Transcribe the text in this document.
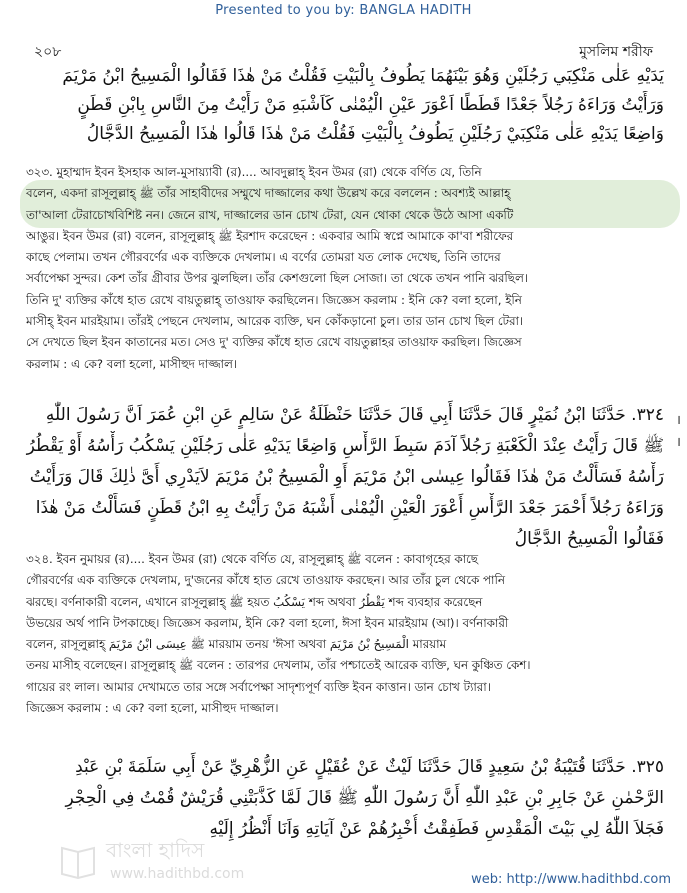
Presented to you by: BANGLA HADITH
২০৮	মুসলিম শরীফ
يَدَيْهِ عَلٰى مَنْكِبَي رَجُلَيْنِ وَهُوَ بَيْنَهُمَا يَطُوفُ بِالْبَيْتِ فَقُلْتُ مَنْ هٰذَا فَقَالُوا الْمَسِيحُ ابْنُ مَرْيَمَ
وَرَأَيْتُ وَرَاءَهُ رَجُلاً جَعْدًا قَطَطًا اَعْوَرَ عَيْنِ الْيُمْنٰى كَاَشْبَهِ مَنْ رَأَيْتُ مِنَ النَّاسِ بِابْنِ قَطَنٍ
وَاضِعًا يَدَيْهِ عَلٰى مَنْكِبَيْ رَجُلَيْنِ يَطُوفُ بِالْبَيْتِ فَقُلْتُ مَنْ هٰذَا قَالُوا هٰذَا الْمَسِيحُ الدَّجَّالُ
৩২৩. মুহাম্মাদ ইবন ইসহাক আল-মুসায়্যাবী (র).... আবদুল্লাহ্ ইবন উমর (রা) থেকে বর্ণিত যে, তিনি
বলেন, একদা রাসূলুল্লাহ্ ﷺ তাঁর সাহাবীদের সম্মুখে দাজ্জালের কথা উল্লেখ করে বললেন : অবশ্যই আল্লাহ্
তা'আলা টেরাচোখবিশিষ্ট নন। জেনে রাখ, দাজ্জালের ডান চোখ টেরা, যেন থোকা থেকে উঠে আসা একটি
আঙুর। ইবন উমর (রা) বলেন, রাসূলুল্লাহ্ ﷺ ইরশাদ করেছেন : একবার আমি স্বপ্নে আমাকে কা'বা শরীফের
কাছে পেলাম। তখন গৌরবর্ণের এক ব্যক্তিকে দেখলাম। এ বর্ণের তোমরা যত লোক দেখেছ, তিনি তাদের
সর্বাপেক্ষা সুন্দর। কেশ তাঁর গ্রীবার উপর ঝুলছিল। তাঁর কেশগুলো ছিল সোজা। তা থেকে তখন পানি ঝরছিল।
তিনি দু' ব্যক্তির কাঁধে হাত রেখে বায়তুল্লাহ্ তাওয়াফ করছিলেন। জিজ্ঞেস করলাম : ইনি কে? বলা হলো, ইনি
মাসীহ্ ইবন মারইয়াম। তাঁরই পেছনে দেখলাম, আরেক ব্যক্তি, ঘন কোঁকড়ানো চুল। তার ডান চোখ ছিল টেরা।
সে দেখতে ছিল ইবন কাতানের মত। সেও দু' ব্যক্তির কাঁধে হাত রেখে বায়তুল্লাহর তাওয়াফ করছিল। জিজ্ঞেস
করলাম : এ কে? বলা হলো, মাসীহুদ দাজ্জাল।
٣٢٤. حَدَّثَنَا ابْنُ نُمَيْرٍ قَالَ حَدَّثَنَا أَبِي قَالَ حَدَّثَنَا حَنْظَلَةُ عَنْ سَالِمٍ عَنِ ابْنِ عُمَرَ اَنَّ رَسُولَ اللّٰهِ
ﷺ قَالَ رَأَيْتُ عِنْدَ الْكَعْبَةِ رَجُلاً آدَمَ سَبِطَ الرَّأْسِ وَاضِعًا يَدَيْهِ عَلٰى رَجُلَيْنِ يَسْكُبُ رَأْسُهُ أَوْ يَقْطُرُ
رَأْسُهُ فَسَأَلْتُ مَنْ هٰذَا فَقَالُوا عِيسٰى ابْنُ مَرْيَمَ أَوِ الْمَسِيحُ بْنُ مَرْيَمَ لاَيَدْرِي أَىَّ ذٰلِكَ قَالَ وَرَأَيْتُ
وَرَاءَهُ رَجُلاً أَحْمَرَ جَعْدَ الرَّأْسِ أَعْوَرَ الْعَيْنِ الْيُمْنٰى أَشْبَهُ مَنْ رَأَيْتُ بِهِ ابْنُ قَطَنٍ فَسَأَلْتُ مَنْ هٰذَا
فَقَالُوا الْمَسِيحُ الدَّجَّالُ
।
।
৩২৪. ইবন নুমায়র (র).... ইবন উমর (রা) থেকে বর্ণিত যে, রাসূলুল্লাহ্ ﷺ বলেন : কাবাগৃহের কাছে
গৌরবর্ণের এক ব্যক্তিকে দেখলাম, দু'জনের কাঁধে হাত রেখে তাওয়াফ করছেন। আর তাঁর চুল থেকে পানি
ঝরছে। বর্ণনাকারী বলেন, এখানে রাসূলুল্লাহ্ ﷺ হয়ত يَسْكُبُ শব্দ অথবা يَقْطُرُ শব্দ ব্যবহার করেছেন
উভয়ের অর্থ পানি টপকাচ্ছে। জিজ্ঞেস করলাম, ইনি কে? বলা হলো, ঈসা ইবন মারইয়াম (আ)। বর্ণনাকারী
বলেন, রাসূলুল্লাহ্ ﷺ عِيسَى ابْنُ مَرْيَمَ মারয়াম তনয় 'ঈসা অথবা الْمَسِيحُ بْنُ مَرْيَمَ মারয়াম
তনয় মাসীহ বলেছেন। রাসূলুল্লাহ্ ﷺ বলেন : তারপর দেখলাম, তাঁর পশ্চাতেই আরেক ব্যক্তি, ঘন কুঞ্চিত কেশ।
গায়ের রং লাল। আমার দেখামতে তার সঙ্গে সর্বাপেক্ষা সাদৃশ্যপূর্ণ ব্যক্তি ইবন কাত্তান। ডান চোখ ট্যারা।
জিজ্ঞেস করলাম : এ কে? বলা হলো, মাসীহুদ দাজ্জাল।
٣٢٥. حَدَّثَنَا قُتَيْبَةُ بْنُ سَعِيدٍ قَالَ حَدَّثَنَا لَيْثٌ عَنْ عُقَيْلٍ عَنِ الزُّهْرِيِّ عَنْ أَبِي سَلَمَةَ بْنِ عَبْدِ
الرَّحْمٰنِ عَنْ جَابِرِ بْنِ عَبْدِ اللّٰهِ أَنَّ رَسُولَ اللّٰهِ ﷺ قَالَ لَمَّا كَذَّبَتْنِي قُرَيْشٌ قُمْتُ فِي الْحِجْرِ
فَجَلاَ اللّٰهُ لِي بَيْتَ الْمَقْدِسِ فَطَفِقْتُ أُخْبِرُهُمْ عَنْ آيَاتِهِ وَاَنَا أَنْظُرُ إِلَيْهِ
বাংলা হাদিস
www.hadithbd.com	web: http://www.hadithbd.com
